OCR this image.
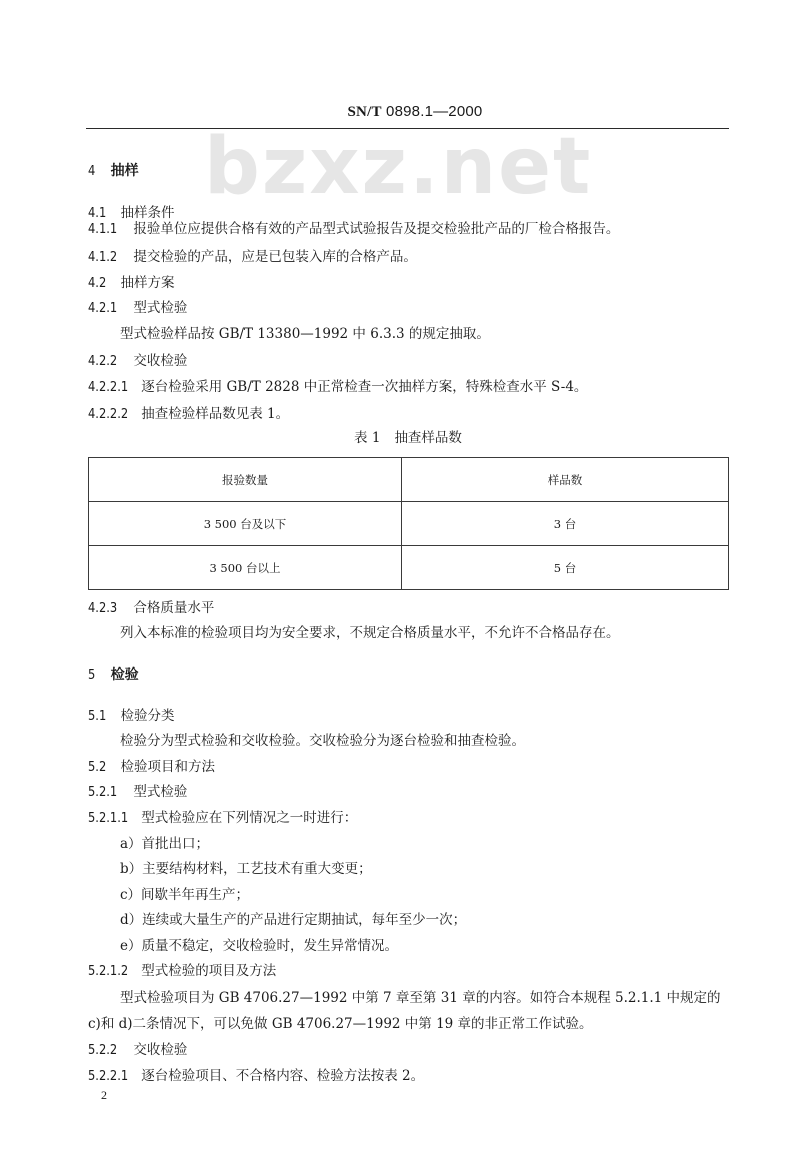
SN/T 0898.1—2000
bzxz.net
4 抽样
4.1 抽样条件
4.1.1 报验单位应提供合格有效的产品型式试验报告及提交检验批产品的厂检合格报告。
4.1.2 提交检验的产品，应是已包装入库的合格产品。
4.2 抽样方案
4.2.1 型式检验
型式检验样品按 GB/T 13380—1992 中 6.3.3 的规定抽取。
4.2.2 交收检验
4.2.2.1 逐台检验采用 GB/T 2828 中正常检查一次抽样方案，特殊检查水平 S-4。
4.2.2.2 抽查检验样品数见表 1。
表 1 抽查样品数
报验数量	样品数
3 500 台及以下	3 台
3 500 台以上	5 台
4.2.3 合格质量水平
列入本标准的检验项目均为安全要求，不规定合格质量水平，不允许不合格品存在。
5 检验
5.1 检验分类
检验分为型式检验和交收检验。交收检验分为逐台检验和抽查检验。
5.2 检验项目和方法
5.2.1 型式检验
5.2.1.1 型式检验应在下列情况之一时进行：
a）首批出口；
b）主要结构材料，工艺技术有重大变更；
c）间歇半年再生产；
d）连续或大量生产的产品进行定期抽试，每年至少一次；
e）质量不稳定，交收检验时，发生异常情况。
5.2.1.2 型式检验的项目及方法
型式检验项目为 GB 4706.27—1992 中第 7 章至第 31 章的内容。如符合本规程 5.2.1.1 中规定的
c)和 d)二条情况下，可以免做 GB 4706.27—1992 中第 19 章的非正常工作试验。
5.2.2 交收检验
5.2.2.1 逐台检验项目、不合格内容、检验方法按表 2。
2
